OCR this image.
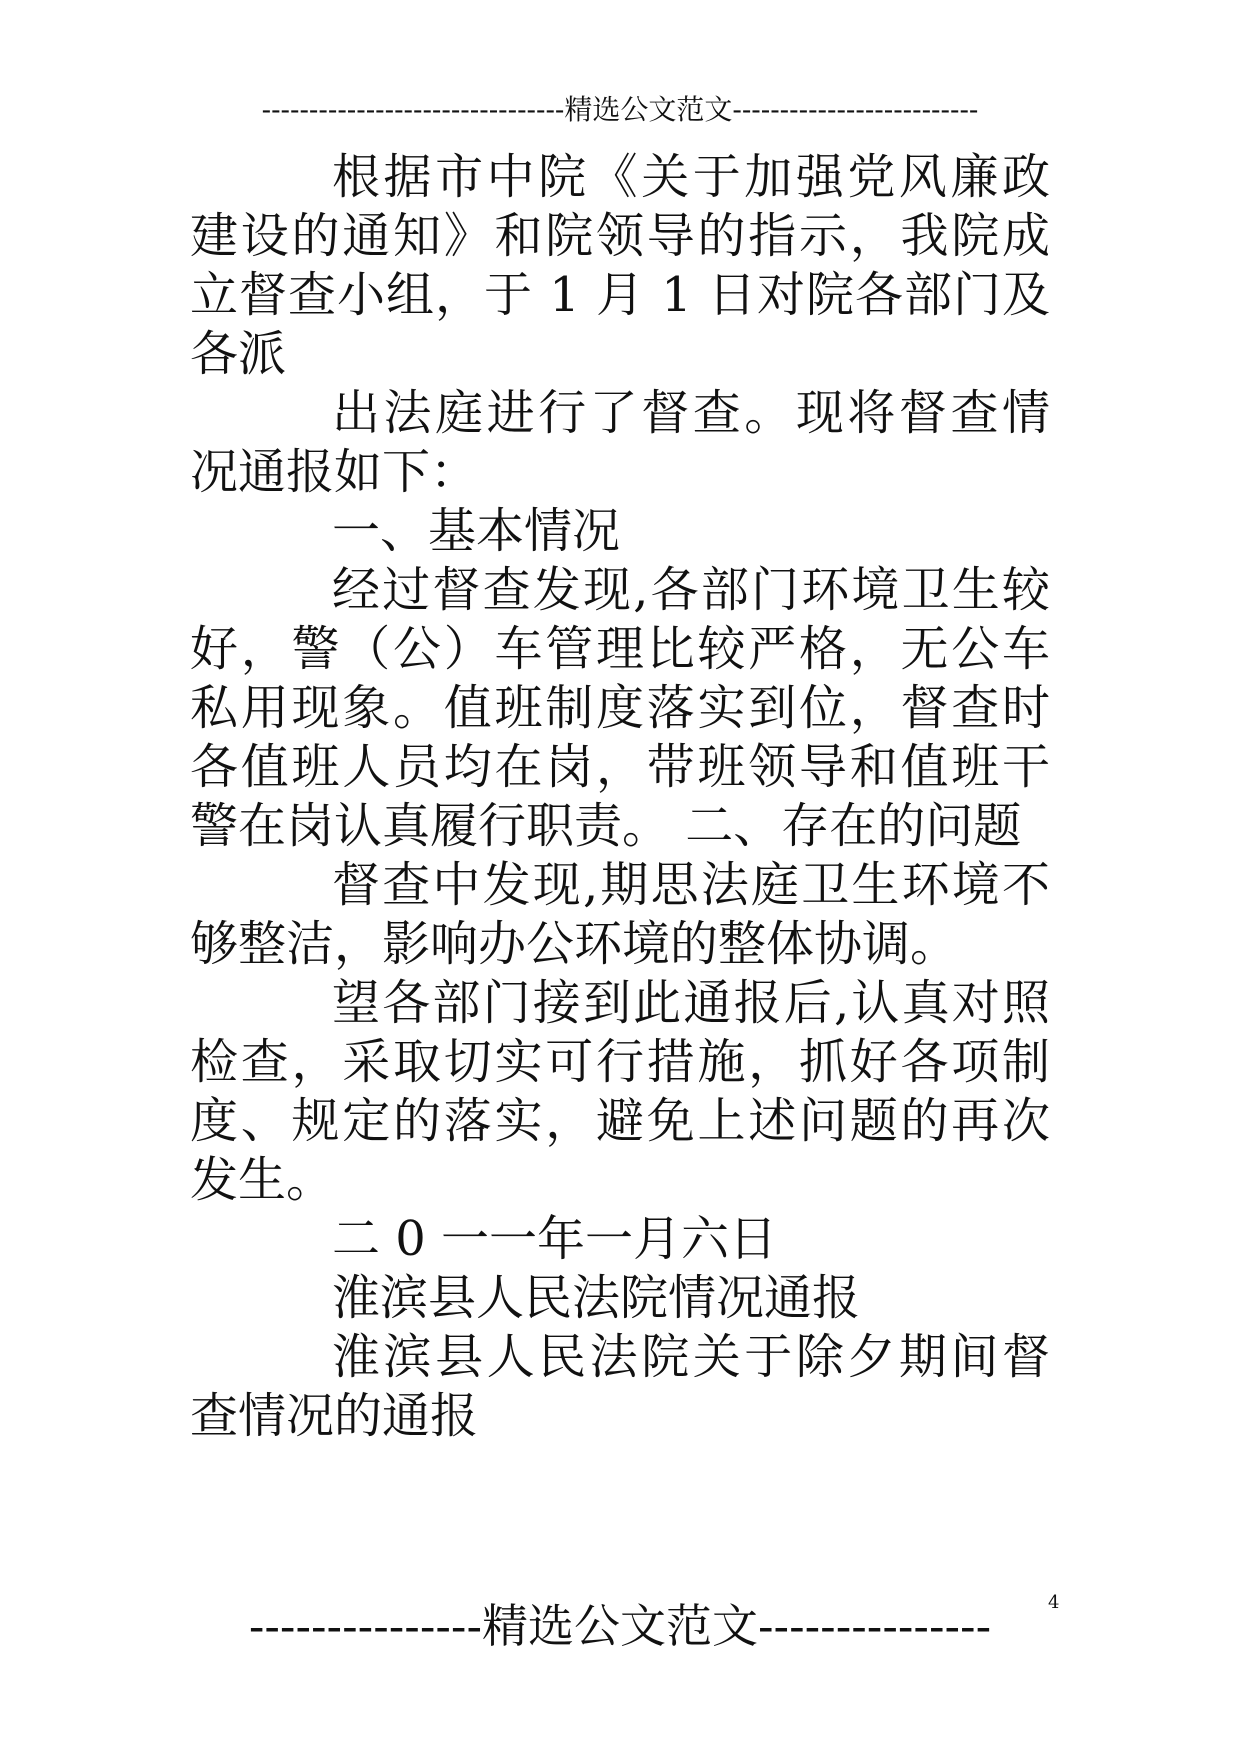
--------------------------------精选公文范文--------------------------

根据市中院《关于加强党风廉政建设的通知》和院领导的指示，我院成立督查小组，于 1 月 1 日对院各部门及各派

出法庭进行了督查。现将督查情况通报如下：

一、基本情况

经过督查发现,各部门环境卫生较好，警（公）车管理比较严格，无公车私用现象。值班制度落实到位，督查时各值班人员均在岗，带班领导和值班干警在岗认真履行职责。 二、存在的问题

督查中发现,期思法庭卫生环境不够整洁，影响办公环境的整体协调。

望各部门接到此通报后,认真对照检查，采取切实可行措施，抓好各项制度、规定的落实，避免上述问题的再次发生。

二 0 一一年一月六日

淮滨县人民法院情况通报

淮滨县人民法院关于除夕期间督查情况的通报

---------------精选公文范文---------------	4
